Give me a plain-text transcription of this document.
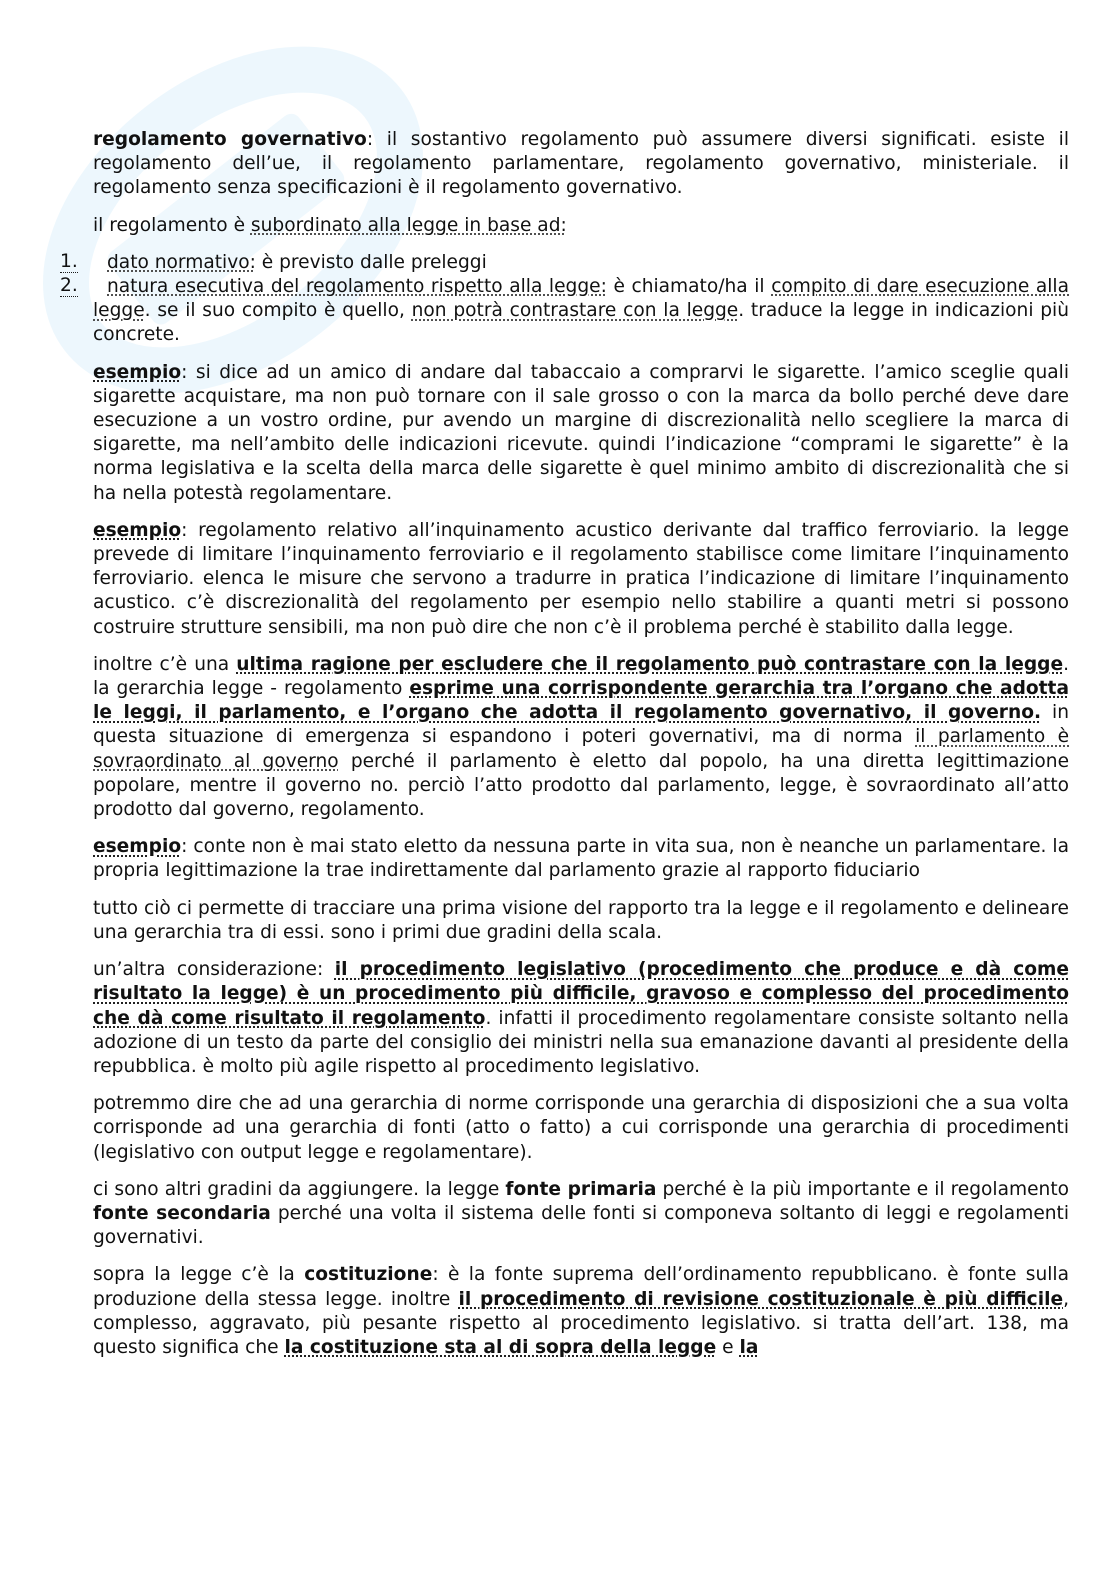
regolamento governativo: il sostantivo regolamento può assumere diversi significati. esiste il regolamento dell’ue, il regolamento parlamentare, regolamento governativo, ministeriale. il regolamento senza specificazioni è il regolamento governativo.

il regolamento è subordinato alla legge in base ad:

1. dato normativo: è previsto dalle preleggi
2. natura esecutiva del regolamento rispetto alla legge: è chiamato/ha il compito di dare esecuzione alla legge. se il suo compito è quello, non potrà contrastare con la legge. traduce la legge in indicazioni più concrete.

esempio: si dice ad un amico di andare dal tabaccaio a comprarvi le sigarette. l’amico sceglie quali sigarette acquistare, ma non può tornare con il sale grosso o con la marca da bollo perché deve dare esecuzione a un vostro ordine, pur avendo un margine di discrezionalità nello scegliere la marca di sigarette, ma nell’ambito delle indicazioni ricevute. quindi l’indicazione “comprami le sigarette” è la norma legislativa e la scelta della marca delle sigarette è quel minimo ambito di discrezionalità che si ha nella potestà regolamentare.

esempio: regolamento relativo all’inquinamento acustico derivante dal traffico ferroviario. la legge prevede di limitare l’inquinamento ferroviario e il regolamento stabilisce come limitare l’inquinamento ferroviario. elenca le misure che servono a tradurre in pratica l’indicazione di limitare l’inquinamento acustico. c’è discrezionalità del regolamento per esempio nello stabilire a quanti metri si possono costruire strutture sensibili, ma non può dire che non c’è il problema perché è stabilito dalla legge.

inoltre c’è una ultima ragione per escludere che il regolamento può contrastare con la legge. la gerarchia legge - regolamento esprime una corrispondente gerarchia tra l’organo che adotta le leggi, il parlamento, e l’organo che adotta il regolamento governativo, il governo. in questa situazione di emergenza si espandono i poteri governativi, ma di norma il parlamento è sovraordinato al governo perché il parlamento è eletto dal popolo, ha una diretta legittimazione popolare, mentre il governo no. perciò l’atto prodotto dal parlamento, legge, è sovraordinato all’atto prodotto dal governo, regolamento.

esempio: conte non è mai stato eletto da nessuna parte in vita sua, non è neanche un parlamentare. la propria legittimazione la trae indirettamente dal parlamento grazie al rapporto fiduciario

tutto ciò ci permette di tracciare una prima visione del rapporto tra la legge e il regolamento e delineare una gerarchia tra di essi. sono i primi due gradini della scala.

un’altra considerazione: il procedimento legislativo (procedimento che produce e dà come risultato la legge) è un procedimento più difficile, gravoso e complesso del procedimento che dà come risultato il regolamento. infatti il procedimento regolamentare consiste soltanto nella adozione di un testo da parte del consiglio dei ministri nella sua emanazione davanti al presidente della repubblica. è molto più agile rispetto al procedimento legislativo.

potremmo dire che ad una gerarchia di norme corrisponde una gerarchia di disposizioni che a sua volta corrisponde ad una gerarchia di fonti (atto o fatto) a cui corrisponde una gerarchia di procedimenti (legislativo con output legge e regolamentare).

ci sono altri gradini da aggiungere. la legge fonte primaria perché è la più importante e il regolamento fonte secondaria perché una volta il sistema delle fonti si componeva soltanto di leggi e regolamenti governativi.

sopra la legge c’è la costituzione: è la fonte suprema dell’ordinamento repubblicano. è fonte sulla produzione della stessa legge. inoltre il procedimento di revisione costituzionale è più difficile, complesso, aggravato, più pesante rispetto al procedimento legislativo. si tratta dell’art. 138, ma questo significa che la costituzione sta al di sopra della legge e la
